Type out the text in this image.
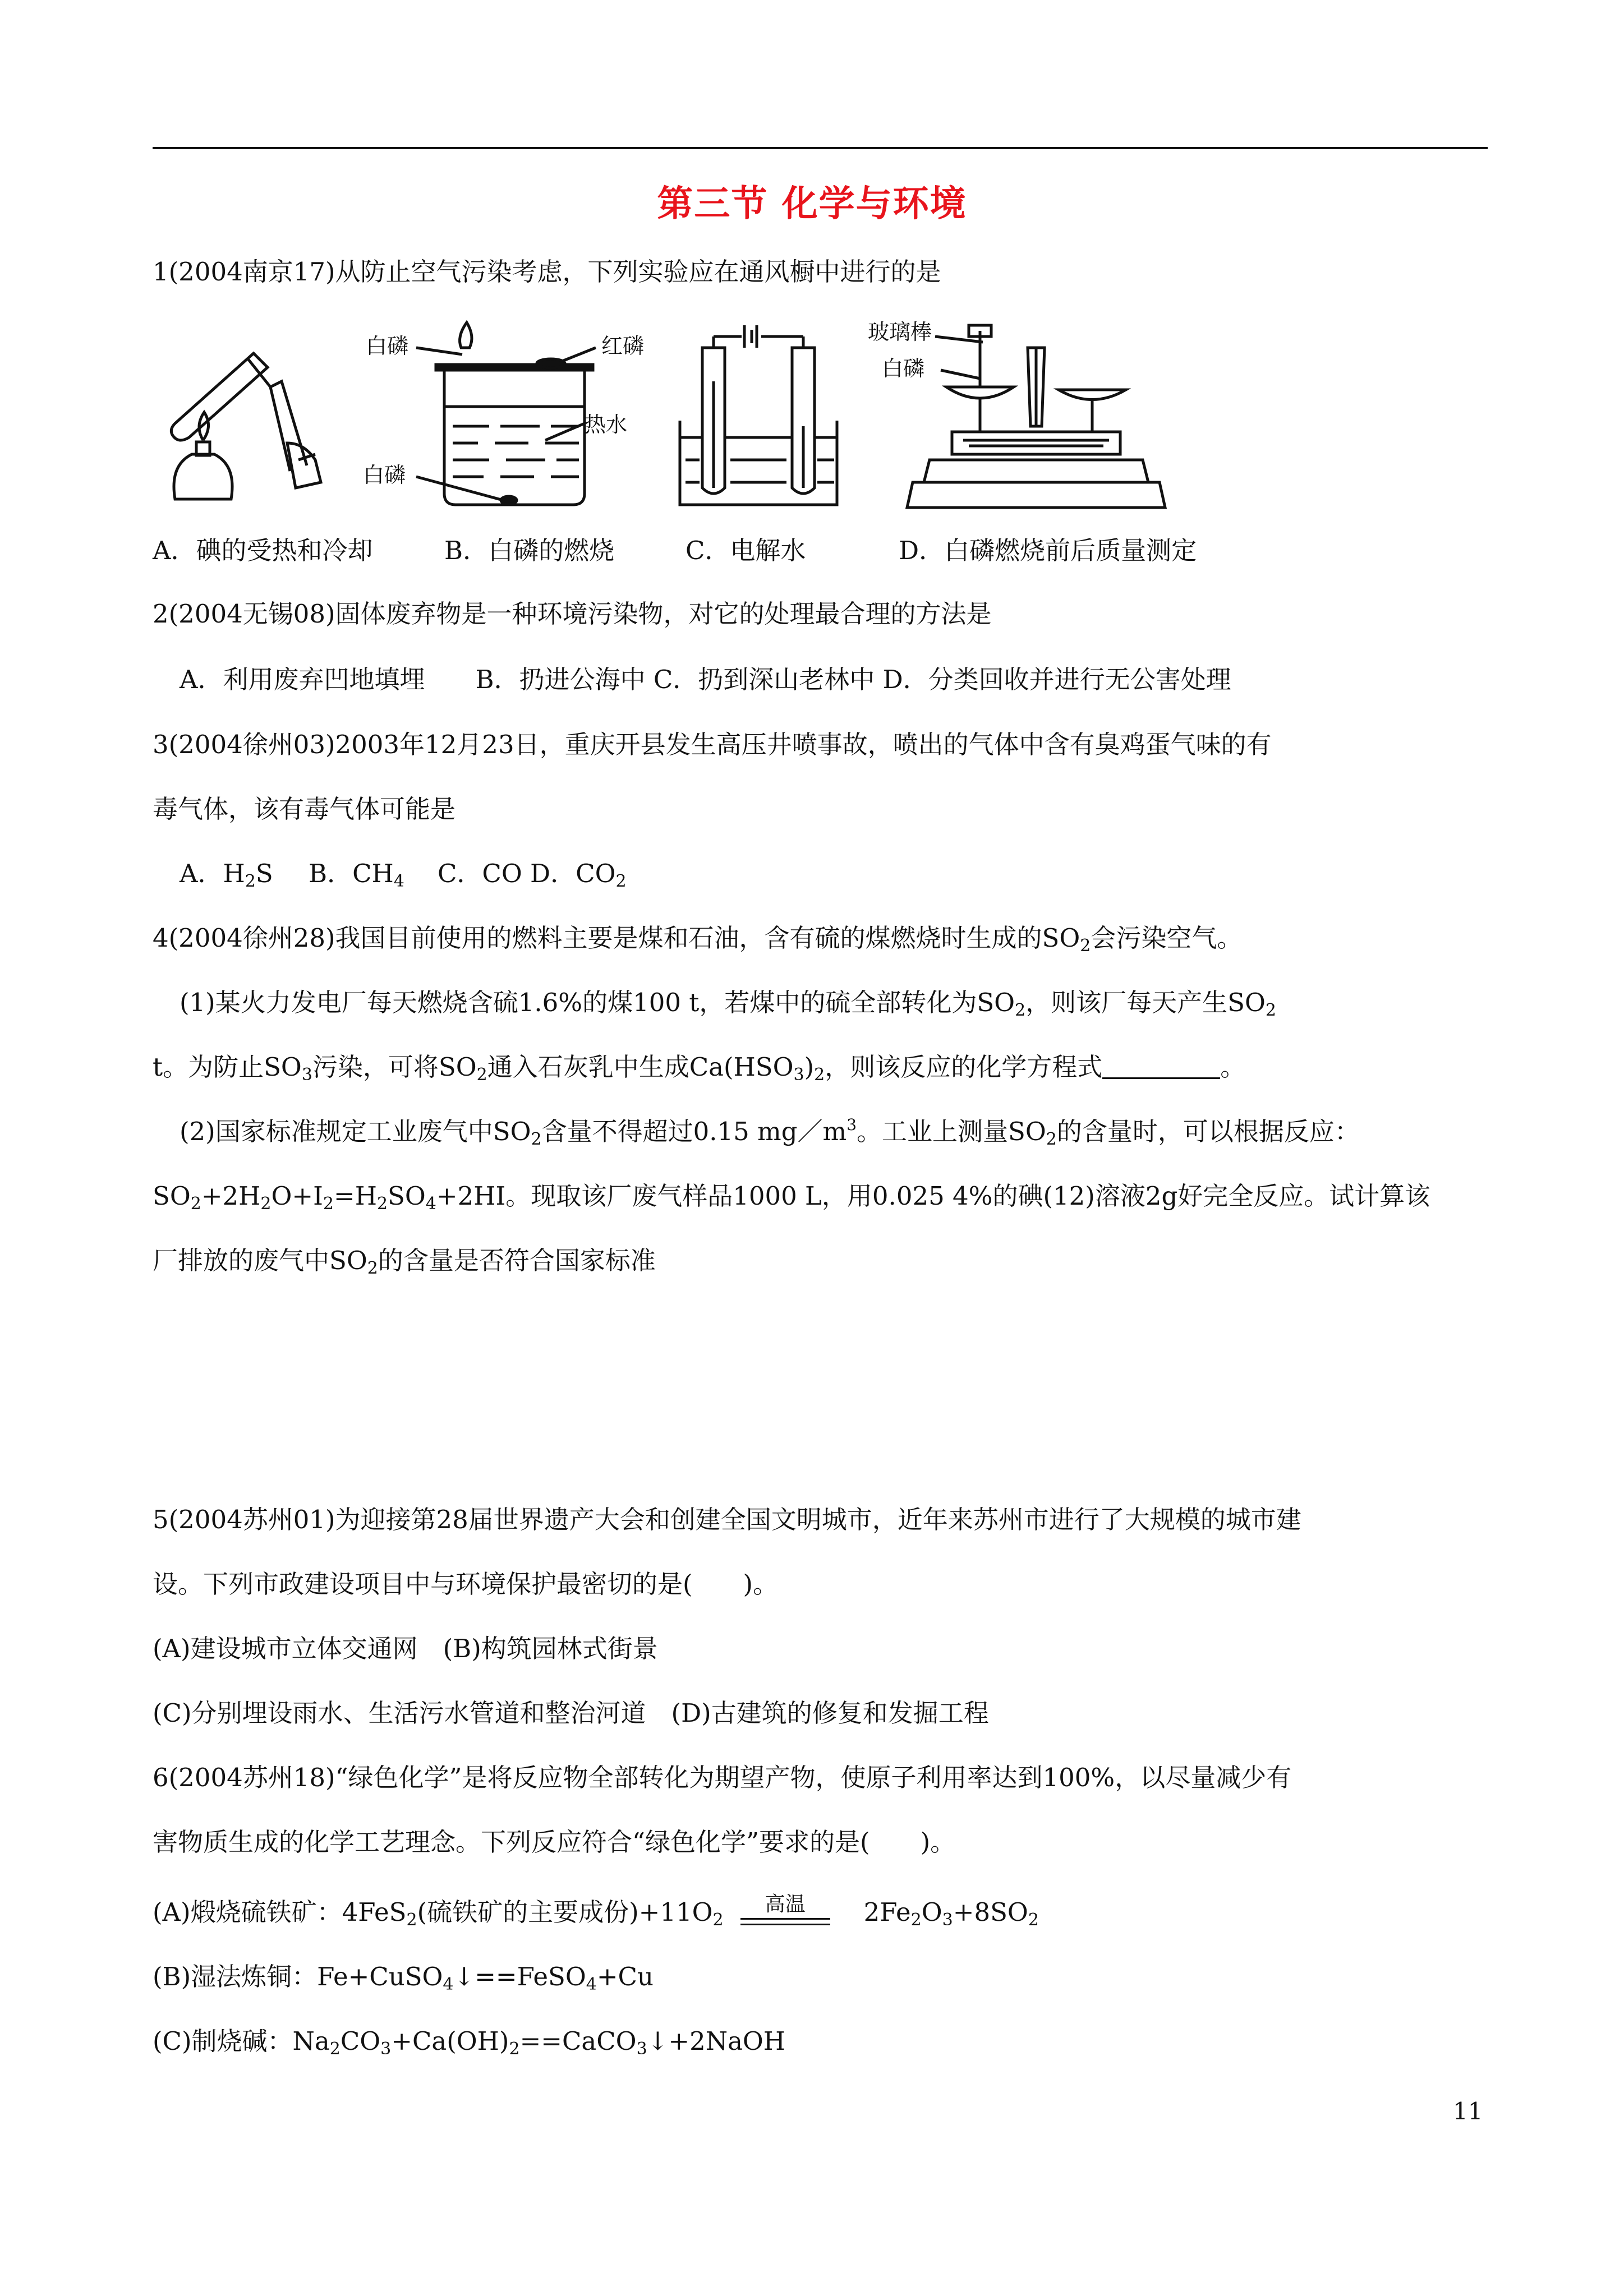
第三节 化学与环境
1(2004南京17)从防止空气污染考虑，下列实验应在通风橱中进行的是
白磷	红磷
热水
白磷
玻璃棒
白磷
A．碘的受热和冷却	B．白磷的燃烧	C．电解水	D．白磷燃烧前后质量测定
2(2004无锡08)固体废弃物是一种环境污染物，对它的处理最合理的方法是
A．利用废弃凹地填埋　　B．扔进公海中 C．扔到深山老林中 D．分类回收并进行无公害处理
3(2004徐州03)2003年12月23日，重庆开县发生高压井喷事故，喷出的气体中含有臭鸡蛋气味的有
毒气体，该有毒气体可能是
A．$H_2S$ B．$CH_4$ C．CO D．$CO_2$
4(2004徐州28)我国目前使用的燃料主要是煤和石油，含有硫的煤燃烧时生成的$SO_2$会污染空气。
(1)某火力发电厂每天燃烧含硫1.6%的煤100 t，若煤中的硫全部转化为$SO_2$，则该厂每天产生$SO_2$
t。为防止$SO_3$污染，可将$SO_2$通入石灰乳中生成$Ca(HSO_3)_2$，则该反应的化学方程式	。
(2)国家标准规定工业废气中$SO_2$含量不得超过0.15 $mg/m^3$。工业上测量$SO_2$的含量时，可以根据反应：
$SO_2+2H_2O+I_2=H_2SO_4+2HI$。现取该厂废气样品1000 L，用0.025 4%的碘(12)溶液2g好完全反应。试计算该
厂排放的废气中$SO_2$的含量是否符合国家标准
5(2004苏州01)为迎接第28届世界遗产大会和创建全国文明城市，近年来苏州市进行了大规模的城市建
设。下列市政建设项目中与环境保护最密切的是(　　)。
(A)建设城市立体交通网　(B)构筑园林式街景
(C)分别埋设雨水、生活污水管道和整治河道　(D)古建筑的修复和发掘工程
6(2004苏州18)“绿色化学”是将反应物全部转化为期望产物，使原子利用率达到100%，以尽量减少有
害物质生成的化学工艺理念。下列反应符合“绿色化学”要求的是(　　)。
(A)煅烧硫铁矿：4FeS$_2$(硫铁矿的主要成份)$+11O_2$
高温	$2Fe_2O_3+8SO_2$
(B)湿法炼铜：Fe+CuSO$_4$↓==FeSO$_4$+Cu
(C)制烧碱：$Na_2CO_3+Ca(OH)_2==CaCO_3↓+2NaOH$
11
